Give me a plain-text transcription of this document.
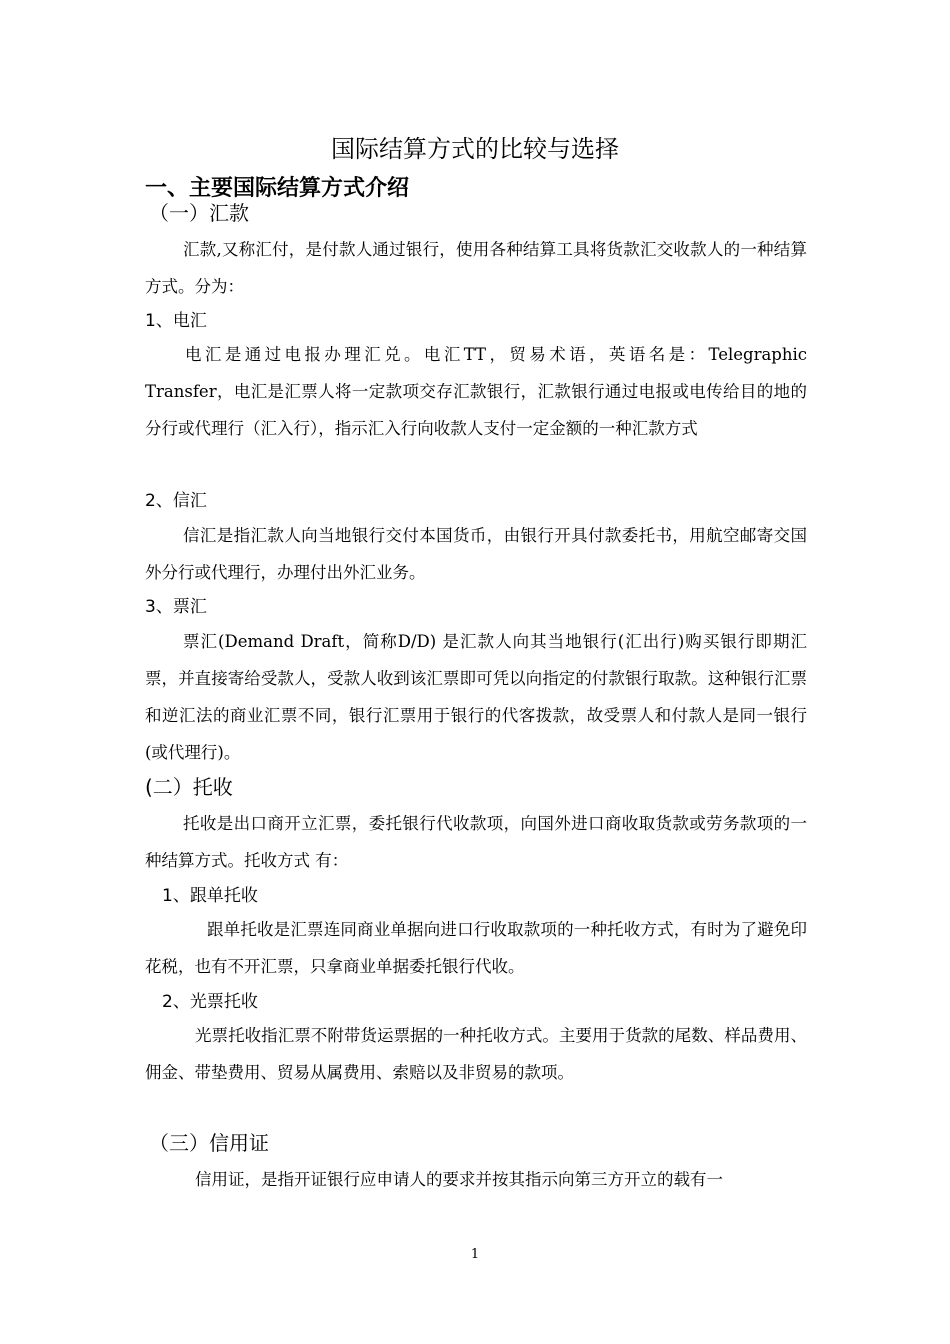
国际结算方式的比较与选择
一、主要国际结算方式介绍
（一）汇款

汇款,又称汇付，是付款人通过银行，使用各种结算工具将货款汇交收款人的一种结算方式。分为：

1、电汇

电汇是通过电报办理汇兑。电汇TT，贸易术语，英语名是：Telegraphic Transfer，电汇是汇票人将一定款项交存汇款银行，汇款银行通过电报或电传给目的地的分行或代理行（汇入行），指示汇入行向收款人支付一定金额的一种汇款方式

2、信汇

信汇是指汇款人向当地银行交付本国货币，由银行开具付款委托书，用航空邮寄交国外分行或代理行，办理付出外汇业务。

3、票汇

票汇(Demand Draft，简称D/D) 是汇款人向其当地银行(汇出行)购买银行即期汇票，并直接寄给受款人，受款人收到该汇票即可凭以向指定的付款银行取款。这种银行汇票和逆汇法的商业汇票不同，银行汇票用于银行的代客拨款，故受票人和付款人是同一银行(或代理行)。

(二）托收

托收是出口商开立汇票，委托银行代收款项，向国外进口商收取货款或劳务款项的一种结算方式。托收方式 有：

1、跟单托收

跟单托收是汇票连同商业单据向进口行收取款项的一种托收方式，有时为了避免印花税，也有不开汇票，只拿商业单据委托银行代收。

2、光票托收

光票托收指汇票不附带货运票据的一种托收方式。主要用于货款的尾数、样品费用、佣金、带垫费用、贸易从属费用、索赔以及非贸易的款项。

（三）信用证

信用证，是指开证银行应申请人的要求并按其指示向第三方开立的载有一

1
